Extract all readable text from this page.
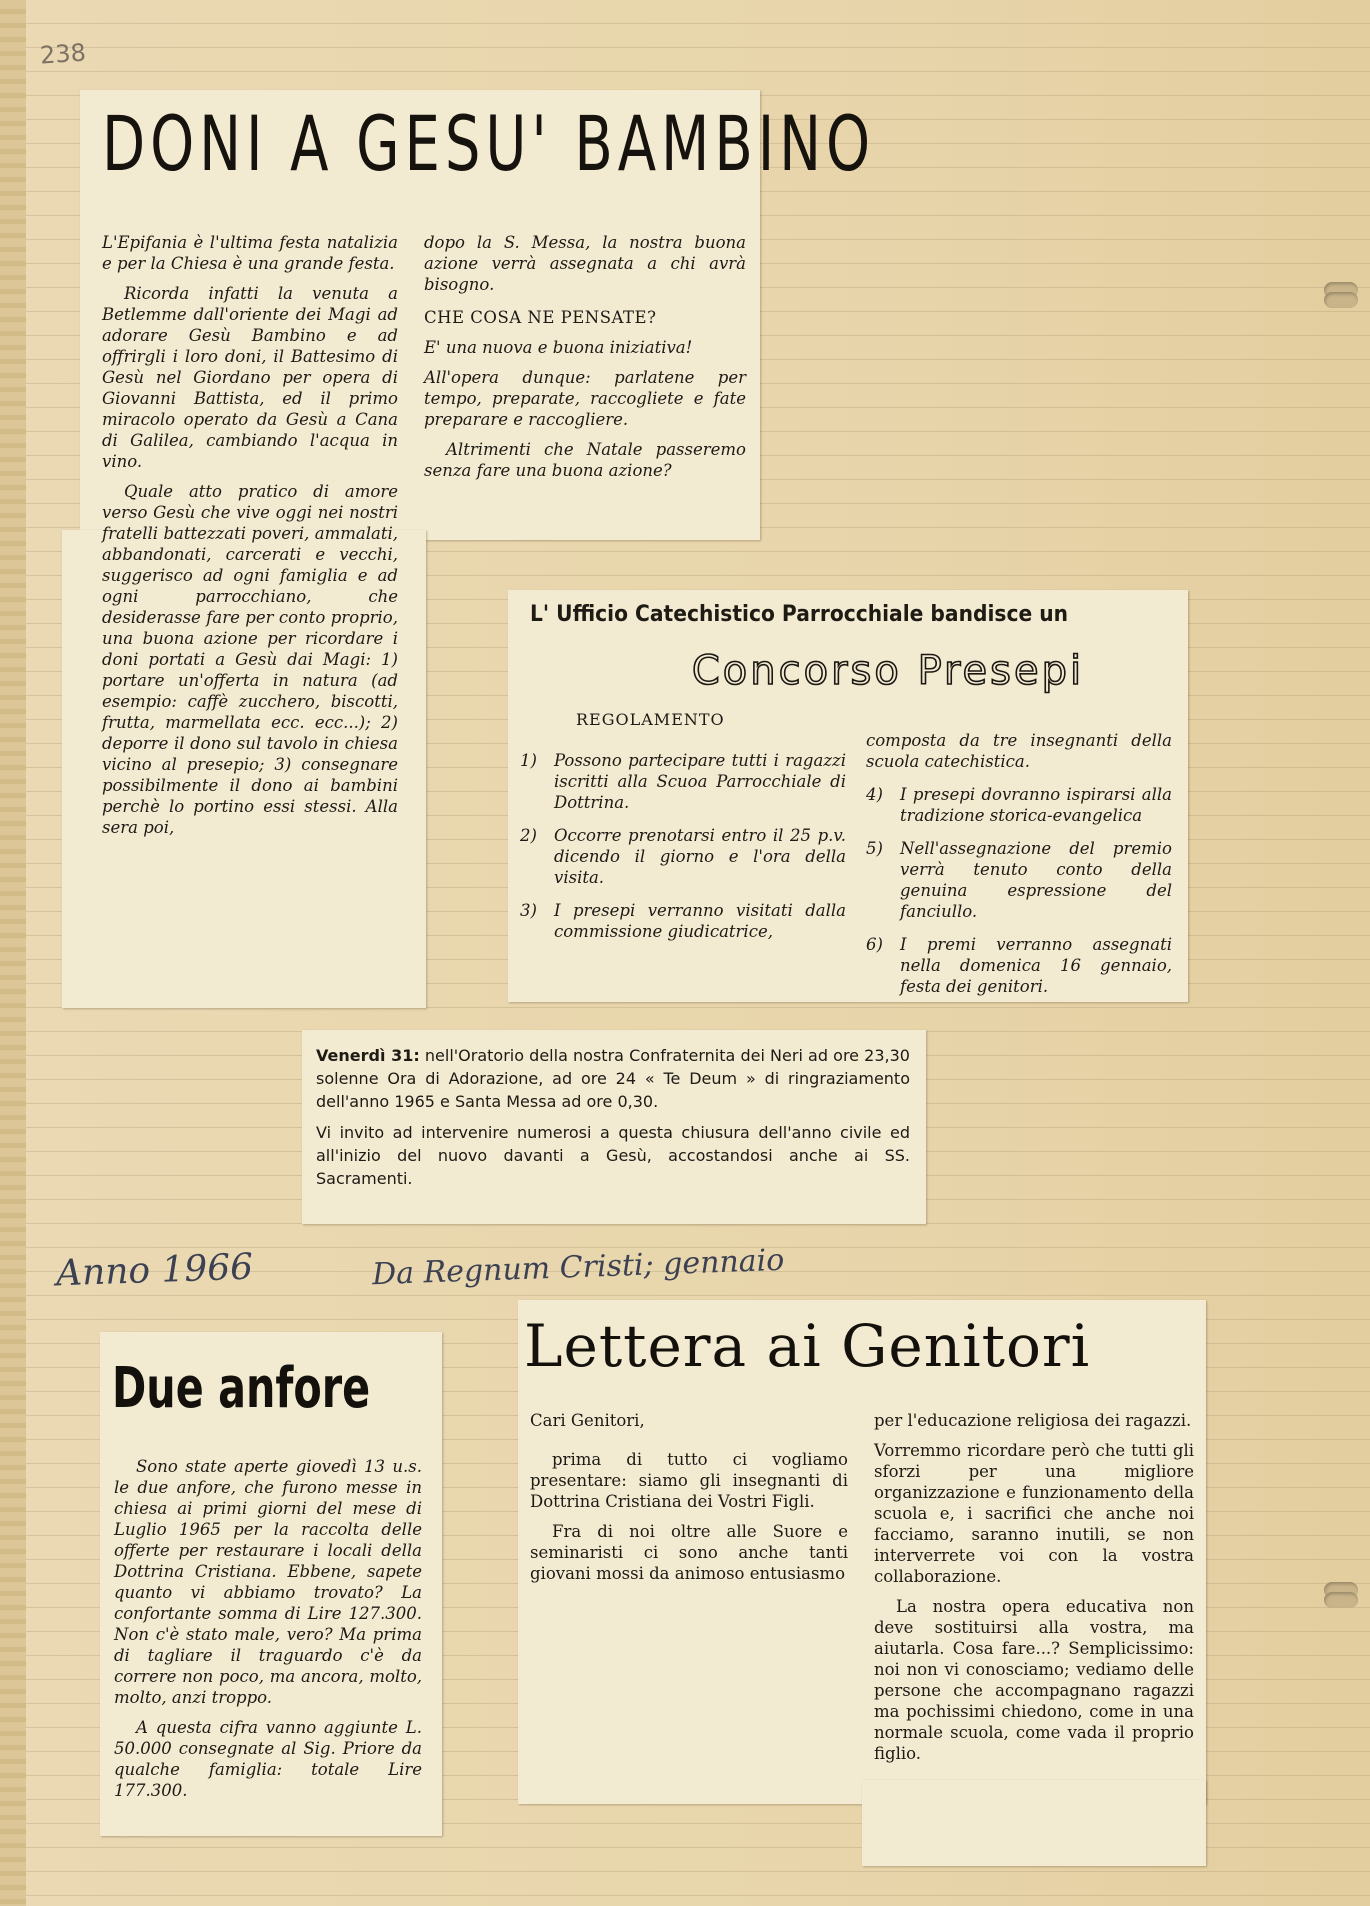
238
DONI A GESU' BAMBINO

L'Epifania è l'ultima festa natalizia e per la Chiesa è una grande festa.

Ricorda infatti la venuta a Betlemme dall'oriente dei Magi ad adorare Gesù Bambino e ad offrirgli i loro doni, il Battesimo di Gesù nel Giordano per opera di Giovanni Battista, ed il primo miracolo operato da Gesù a Cana di Galilea, cambiando l'acqua in vino.

Quale atto pratico di amore verso Gesù che vive oggi nei nostri fratelli battezzati poveri, ammalati, abbandonati, carcerati e vecchi, suggerisco ad ogni famiglia e ad ogni parrocchiano, che desiderasse fare per conto proprio, una buona azione per ricordare i doni portati a Gesù dai Magi: 1) portare un'offerta in natura (ad esempio: caffè zucchero, biscotti, frutta, marmellata ecc. ecc...); 2) deporre il dono sul tavolo in chiesa vicino al presepio; 3) consegnare possibilmente il dono ai bambini perchè lo portino essi stessi. Alla sera poi,

dopo la S. Messa, la nostra buona azione verrà assegnata a chi avrà bisogno.

CHE COSA NE PENSATE?

E' una nuova e buona iniziativa!

All'opera dunque: parlatene per tempo, preparate, raccogliete e fate preparare e raccogliere.

Altrimenti che Natale passeremo senza fare una buona azione?

L' Ufficio Catechistico Parrocchiale bandisce un
Concorso Presepi
REGOLAMENTO
1)	Possono partecipare tutti i ragazzi iscritti alla Scuoa Parrocchiale di Dottrina.
2)	Occorre prenotarsi entro il 25 p.v. dicendo il giorno e l'ora della visita.
3)	I presepi verranno visitati dalla commissione giudicatrice,

composta da tre insegnanti della scuola catechistica.

4)	I presepi dovranno ispirarsi alla tradizione storica-evangelica
5)	Nell'assegnazione del premio verrà tenuto conto della genuina espressione del fanciullo.
6)	I premi verranno assegnati nella domenica 16 gennaio, festa dei genitori.

Venerdì 31: nell'Oratorio della nostra Confraternita dei Neri ad ore 23,30 solenne Ora di Adorazione, ad ore 24 « Te Deum » di ringraziamento dell'anno 1965 e Santa Messa ad ore 0,30.

Vi invito ad intervenire numerosi a questa chiusura dell'anno civile ed all'inizio del nuovo davanti a Gesù, accostandosi anche ai SS. Sacramenti.

Anno 1966	Da Regnum Cristi; gennaio
Due anfore

Sono state aperte giovedì 13 u.s. le due anfore, che furono messe in chiesa ai primi giorni del mese di Luglio 1965 per la raccolta delle offerte per restaurare i locali della Dottrina Cristiana. Ebbene, sapete quanto vi abbiamo trovato? La confortante somma di Lire 127.300. Non c'è stato male, vero? Ma prima di tagliare il traguardo c'è da correre non poco, ma ancora, molto, molto, anzi troppo.

A questa cifra vanno aggiunte L. 50.000 consegnate al Sig. Priore da qualche famiglia: totale Lire 177.300.

Lettera ai Genitori

Cari Genitori,

prima di tutto ci vogliamo presentare: siamo gli insegnanti di Dottrina Cristiana dei Vostri Figli.

Fra di noi oltre alle Suore e seminaristi ci sono anche tanti giovani mossi da animoso entusiasmo

per l'educazione religiosa dei ragazzi.

Vorremmo ricordare però che tutti gli sforzi per una migliore organizzazione e funzionamento della scuola e, i sacrifici che anche noi facciamo, saranno inutili, se non interverrete voi con la vostra collaborazione.

La nostra opera educativa non deve sostituirsi alla vostra, ma aiutarla. Cosa fare...? Semplicissimo: noi non vi conosciamo; vediamo delle persone che accompagnano ragazzi ma pochissimi chiedono, come in una normale scuola, come vada il proprio figlio.
